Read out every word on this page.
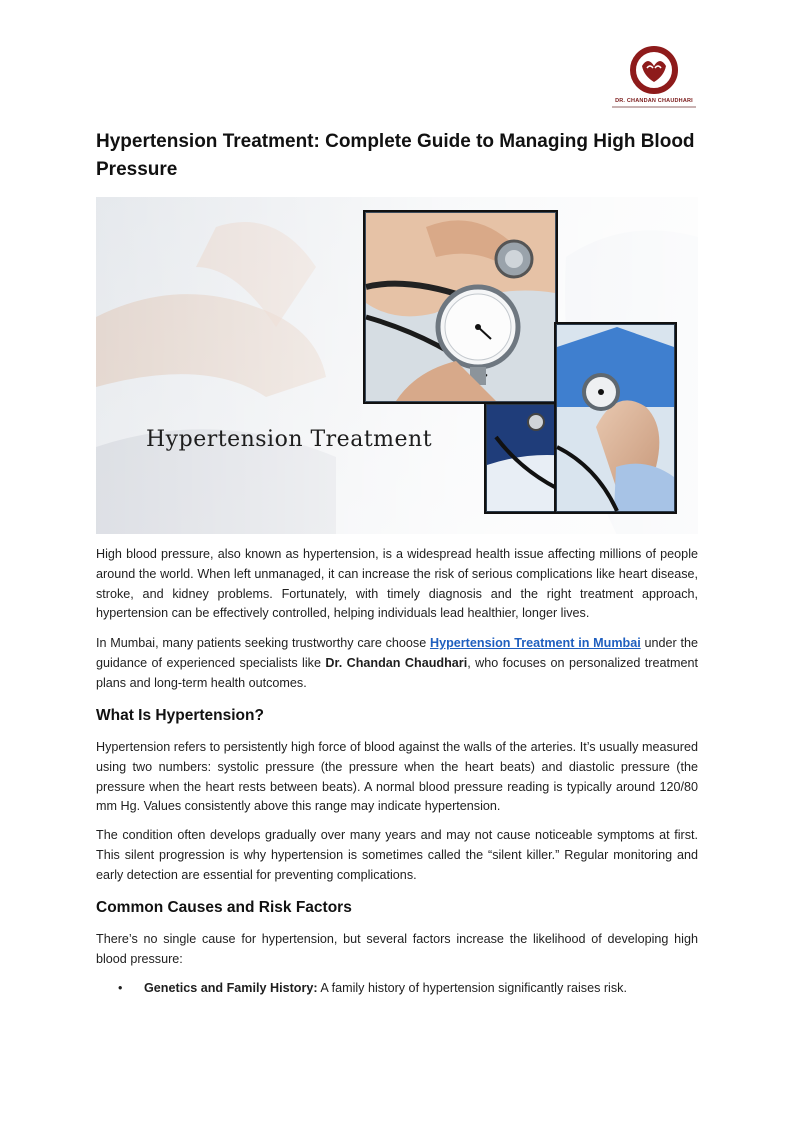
DR. CHANDAN CHAUDHARI
Hypertension Treatment: Complete Guide to Managing High Blood Pressure
Hypertension Treatment

High blood pressure, also known as hypertension, is a widespread health issue affecting millions of people around the world. When left unmanaged, it can increase the risk of serious complications like heart disease, stroke, and kidney problems. Fortunately, with timely diagnosis and the right treatment approach, hypertension can be effectively controlled, helping individuals lead healthier, longer lives.

In Mumbai, many patients seeking trustworthy care choose Hypertension Treatment in Mumbai under the guidance of experienced specialists like Dr. Chandan Chaudhari, who focuses on personalized treatment plans and long-term health outcomes.

What Is Hypertension?

Hypertension refers to persistently high force of blood against the walls of the arteries. It’s usually measured using two numbers: systolic pressure (the pressure when the heart beats) and diastolic pressure (the pressure when the heart rests between beats). A normal blood pressure reading is typically around 120/80 mm Hg. Values consistently above this range may indicate hypertension.

The condition often develops gradually over many years and may not cause noticeable symptoms at first. This silent progression is why hypertension is sometimes called the “silent killer.” Regular monitoring and early detection are essential for preventing complications.

Common Causes and Risk Factors

There’s no single cause for hypertension, but several factors increase the likelihood of developing high blood pressure:

• Genetics and Family History: A family history of hypertension significantly raises risk.
